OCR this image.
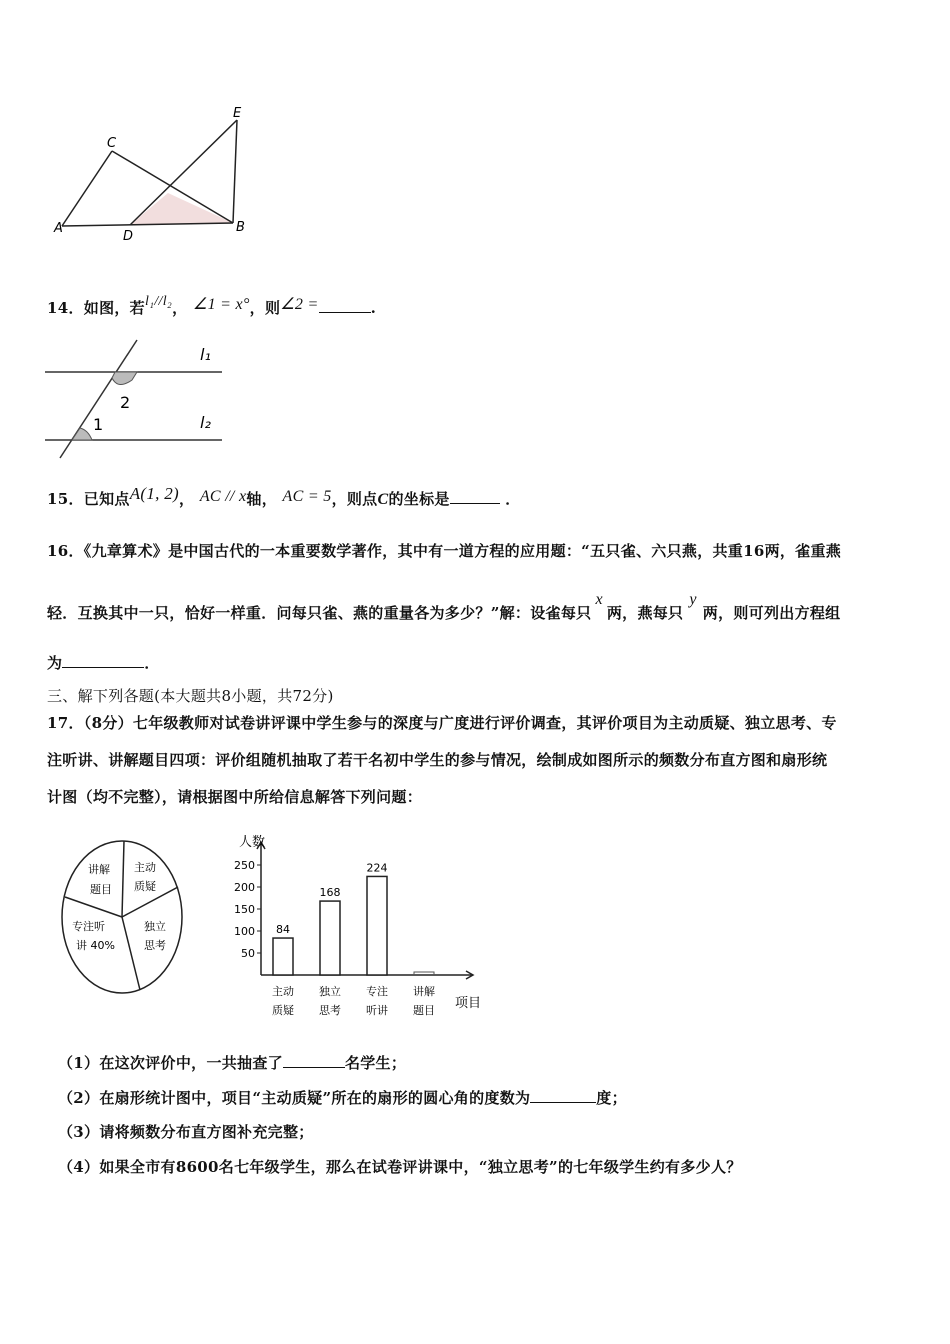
A
C
D
B
E
14．如图，若l₁//l₂， ∠1 = x°，则∠2 =	.
l₁
l₂
2
1
15．已知点A(1, 2)， AC // x轴， AC = 5，则点C的坐标是	．
16．《九章算术》是中国古代的一本重要数学著作，其中有一道方程的应用题：“五只雀、六只燕，共重16两，雀重燕
轻．互换其中一只，恰好一样重．问每只雀、燕的重量各为多少？”解：设雀每只x两，燕每只y两，则可列出方程组
为	．
三、解下列各题(本大题共8小题，共72分)
17．（8分）七年级教师对试卷讲评课中学生参与的深度与广度进行评价调查，其评价项目为主动质疑、独立思考、专
注听讲、讲解题目四项：评价组随机抽取了若干名初中学生的参与情况，绘制成如图所示的频数分布直方图和扇形统
计图（均不完整），请根据图中所给信息解答下列问题：
讲解
题目
主动
质疑
独立
思考
专注听
讲 40%
人数
项目
50
100
150
200
250
84
168
224
主动
质疑
独立
思考
专注
听讲
讲解
题目
（1）在这次评价中，一共抽查了	名学生；
（2）在扇形统计图中，项目“主动质疑”所在的扇形的圆心角的度数为	度；
（3）请将频数分布直方图补充完整；
（4）如果全市有8600名七年级学生，那么在试卷评讲课中，“独立思考”的七年级学生约有多少人？
